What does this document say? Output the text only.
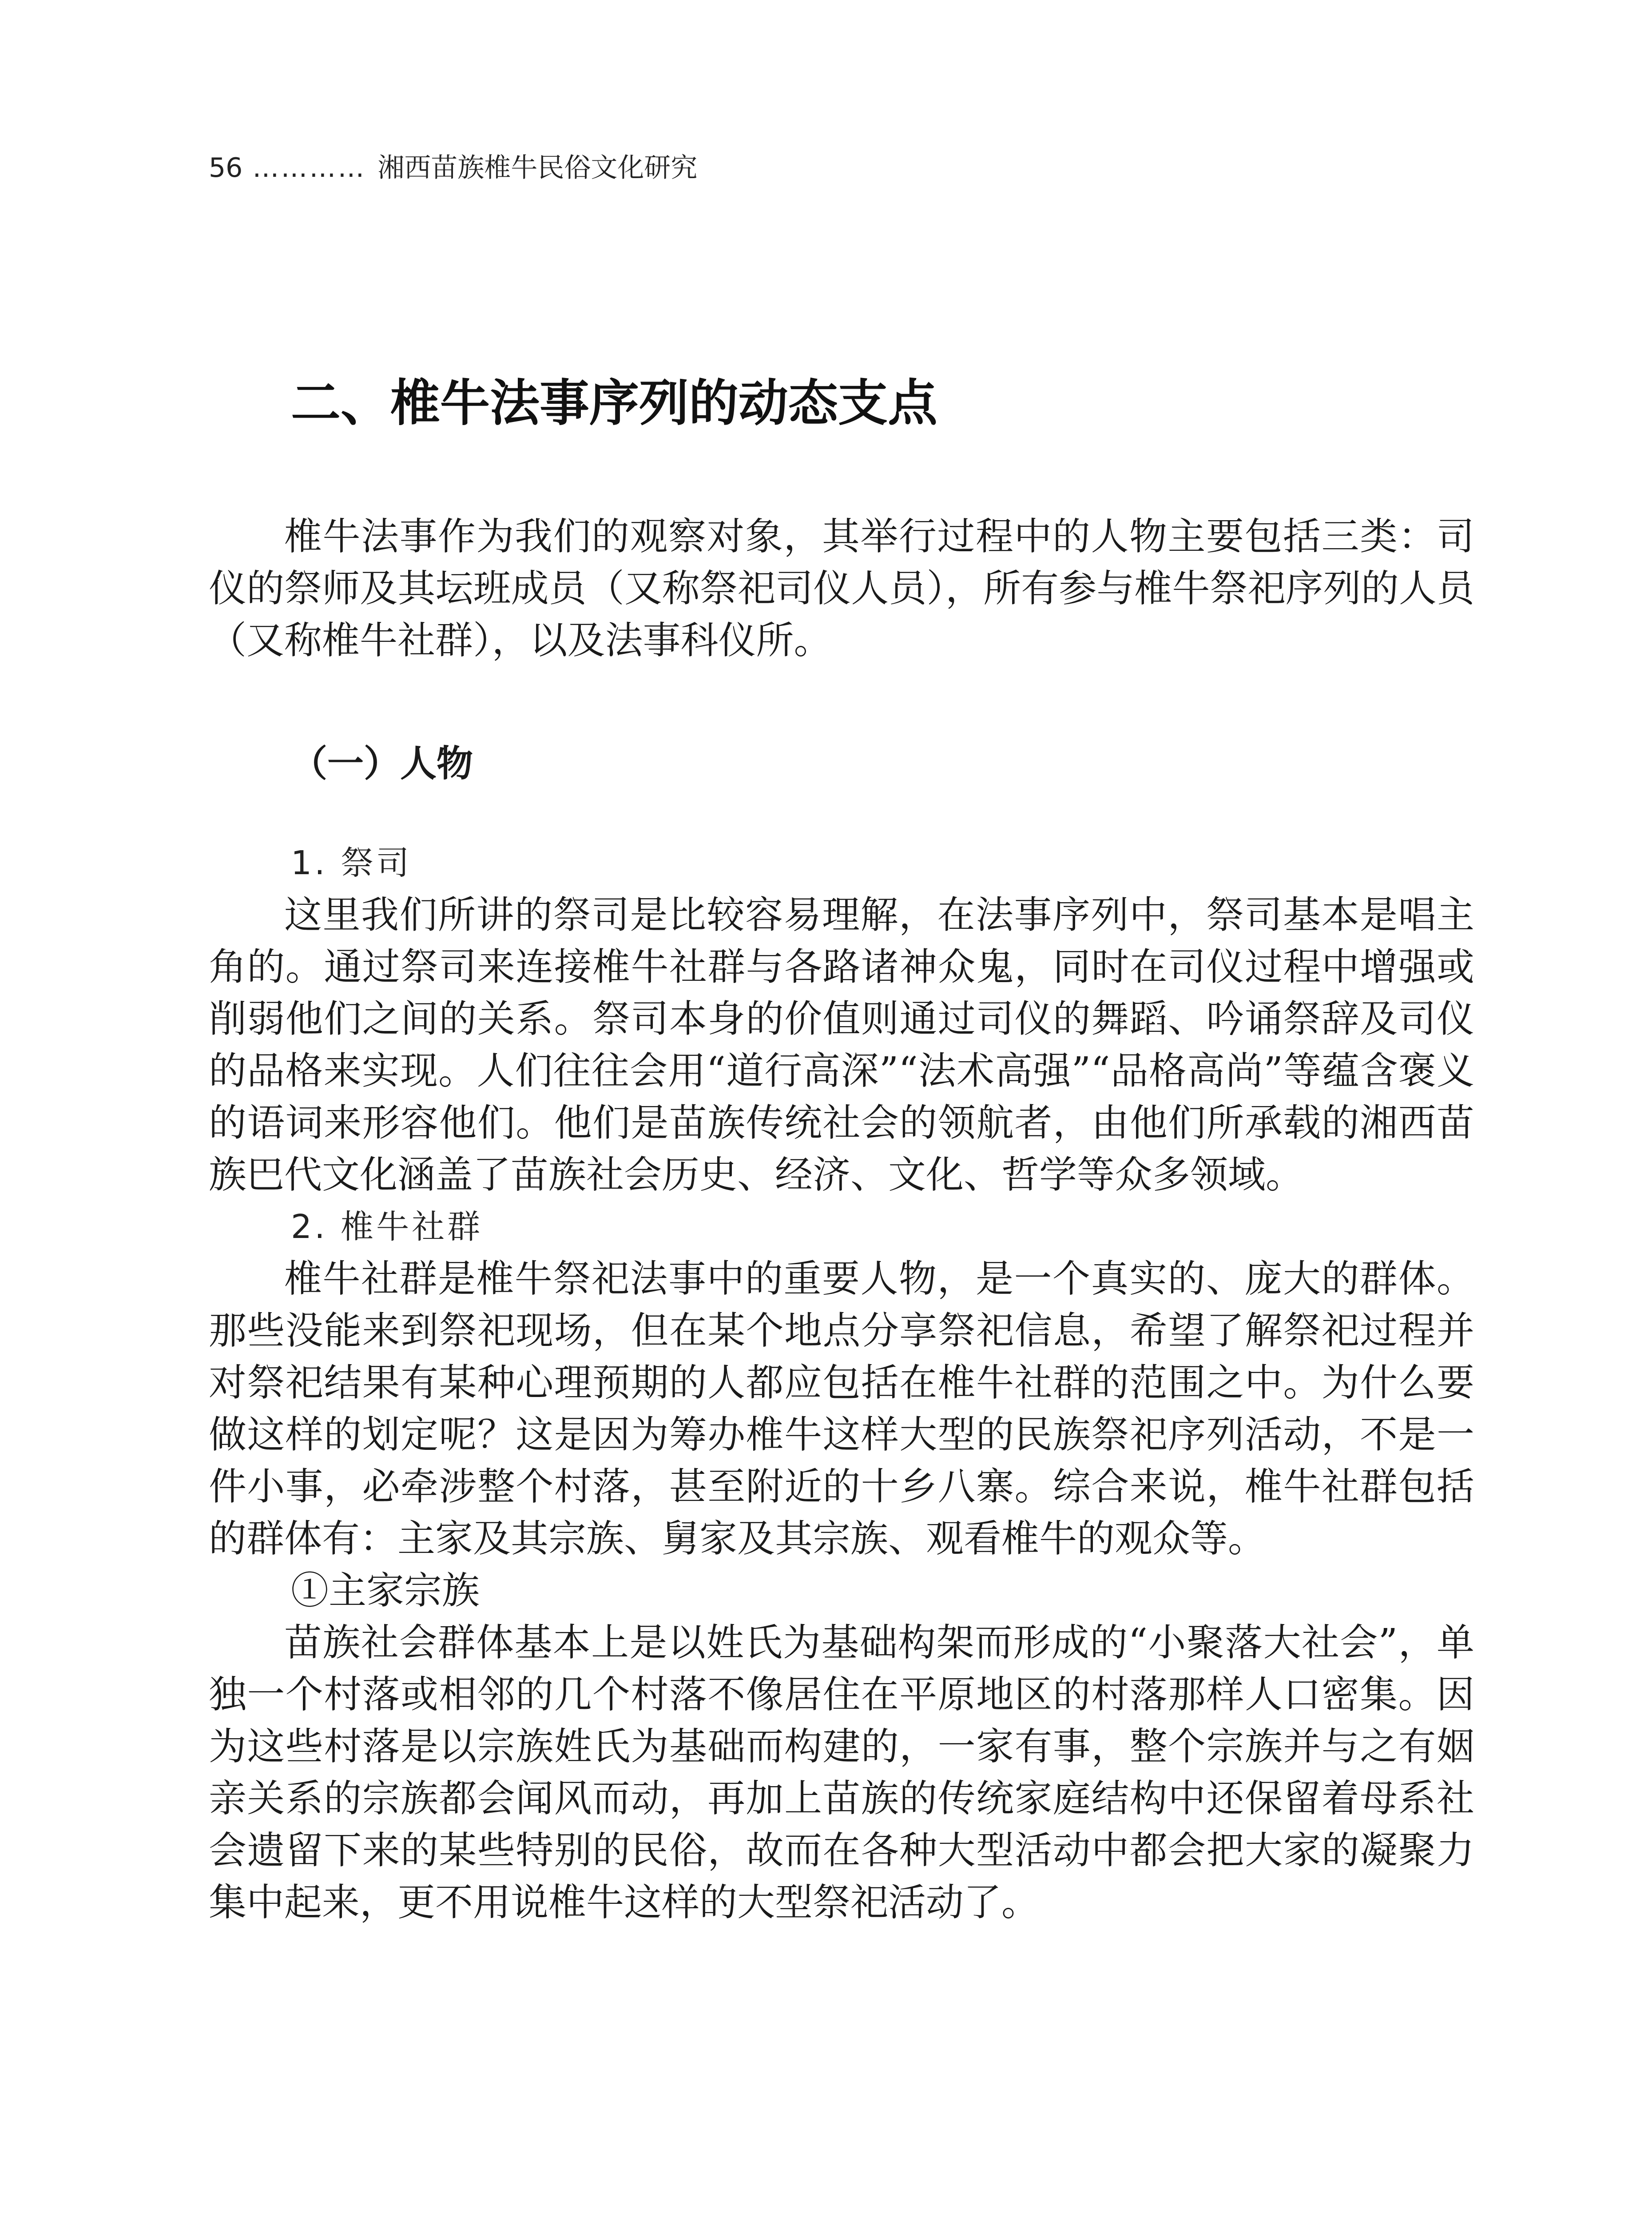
56 ………… 湘西苗族椎牛民俗文化研究
二、椎牛法事序列的动态支点

椎牛法事作为我们的观察对象，其举行过程中的人物主要包括三类：司仪的祭师及其坛班成员（又称祭祀司仪人员），所有参与椎牛祭祀序列的人员（又称椎牛社群），以及法事科仪所。

（一）人物

1. 祭司

这里我们所讲的祭司是比较容易理解，在法事序列中，祭司基本是唱主角的。通过祭司来连接椎牛社群与各路诸神众鬼，同时在司仪过程中增强或削弱他们之间的关系。祭司本身的价值则通过司仪的舞蹈、吟诵祭辞及司仪的品格来实现。人们往往会用“道行高深”“法术高强”“品格高尚”等蕴含褒义的语词来形容他们。他们是苗族传统社会的领航者，由他们所承载的湘西苗族巴代文化涵盖了苗族社会历史、经济、文化、哲学等众多领域。

2. 椎牛社群

椎牛社群是椎牛祭祀法事中的重要人物，是一个真实的、庞大的群体。那些没能来到祭祀现场，但在某个地点分享祭祀信息，希望了解祭祀过程并对祭祀结果有某种心理预期的人都应包括在椎牛社群的范围之中。为什么要做这样的划定呢？这是因为筹办椎牛这样大型的民族祭祀序列活动，不是一件小事，必牵涉整个村落，甚至附近的十乡八寨。综合来说，椎牛社群包括的群体有：主家及其宗族、舅家及其宗族、观看椎牛的观众等。

①主家宗族

苗族社会群体基本上是以姓氏为基础构架而形成的“小聚落大社会”，单独一个村落或相邻的几个村落不像居住在平原地区的村落那样人口密集。因为这些村落是以宗族姓氏为基础而构建的，一家有事，整个宗族并与之有姻亲关系的宗族都会闻风而动，再加上苗族的传统家庭结构中还保留着母系社会遗留下来的某些特别的民俗，故而在各种大型活动中都会把大家的凝聚力集中起来，更不用说椎牛这样的大型祭祀活动了。
